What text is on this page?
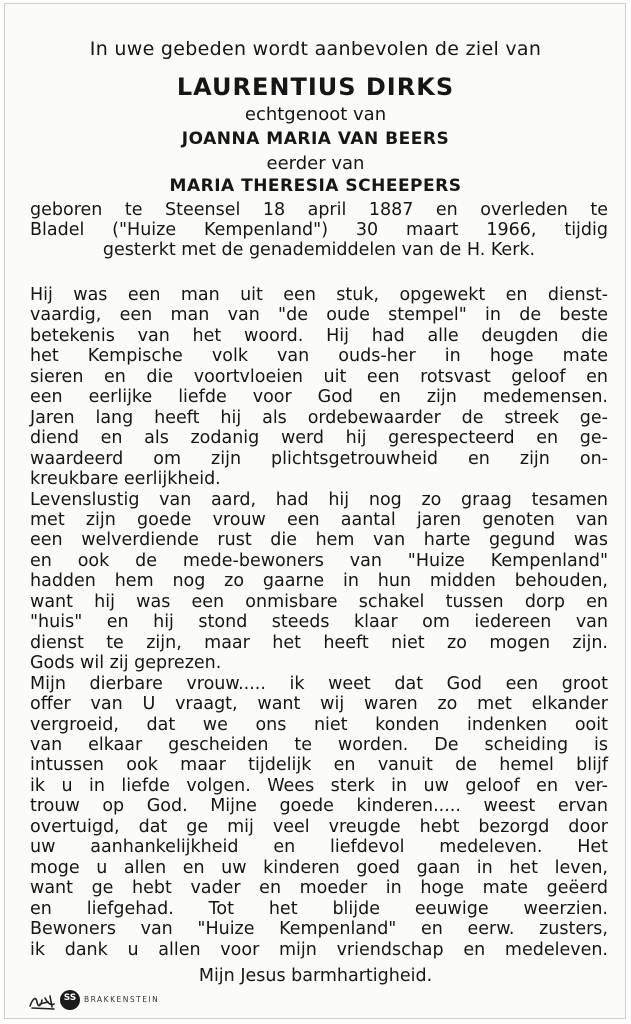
In uwe gebeden wordt aanbevolen de ziel van
LAURENTIUS DIRKS
echtgenoot van
JOANNA MARIA VAN BEERS
eerder van
MARIA THERESIA SCHEEPERS
geboren te Steensel 18 april 1887 en overleden te
Bladel ("Huize Kempenland") 30 maart 1966, tijdig
gesterkt met de genademiddelen van de H. Kerk.
Hij was een man uit een stuk, opgewekt en dienst-
vaardig, een man van "de oude stempel" in de beste
betekenis van het woord. Hij had alle deugden die
het Kempische volk van ouds-her in hoge mate
sieren en die voortvloeien uit een rotsvast geloof en
een eerlijke liefde voor God en zijn medemensen.
Jaren lang heeft hij als ordebewaarder de streek ge-
diend en als zodanig werd hij gerespecteerd en ge-
waardeerd om zijn plichtsgetrouwheid en zijn on-
kreukbare eerlijkheid.
Levenslustig van aard, had hij nog zo graag tesamen
met zijn goede vrouw een aantal jaren genoten van
een welverdiende rust die hem van harte gegund was
en ook de mede-bewoners van "Huize Kempenland"
hadden hem nog zo gaarne in hun midden behouden,
want hij was een onmisbare schakel tussen dorp en
"huis" en hij stond steeds klaar om iedereen van
dienst te zijn, maar het heeft niet zo mogen zijn.
Gods wil zij geprezen.
Mijn dierbare vrouw..... ik weet dat God een groot
offer van U vraagt, want wij waren zo met elkander
vergroeid, dat we ons niet konden indenken ooit
van elkaar gescheiden te worden. De scheiding is
intussen ook maar tijdelijk en vanuit de hemel blijf
ik u in liefde volgen. Wees sterk in uw geloof en ver-
trouw op God. Mijne goede kinderen..... weest ervan
overtuigd, dat ge mij veel vreugde hebt bezorgd door
uw aanhankelijkheid en liefdevol medeleven. Het
moge u allen en uw kinderen goed gaan in het leven,
want ge hebt vader en moeder in hoge mate geëerd
en liefgehad. Tot het blijde eeuwige weerzien.
Bewoners van "Huize Kempenland" en eerw. zusters,
ik dank u allen voor mijn vriendschap en medeleven.
Mijn Jesus barmhartigheid.
SS	BRAKKENSTEIN
